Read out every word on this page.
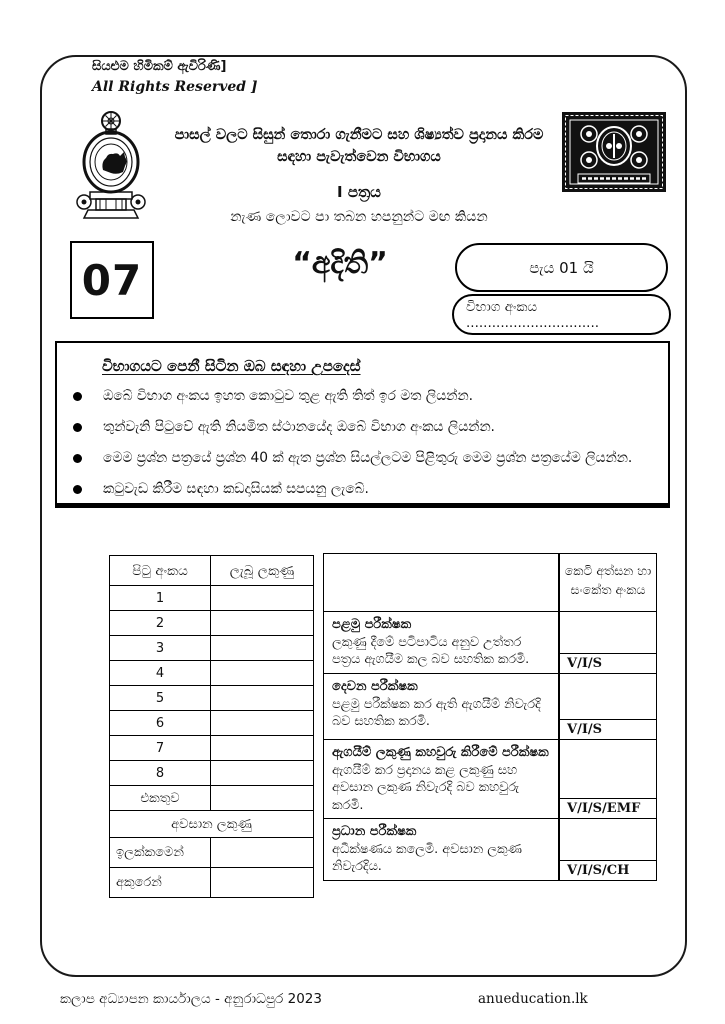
සියළුම හිමිකම් ඇවිරිණි]
All Rights Reserved ]
පාසල් වලට සිසුන් තොරා ගැනීමට සහ ශිෂ්‍යත්ව ප්‍රදානය කිරම
සඳහා පැවැත්වෙන විභාගය
I පත්‍රය
නැණ ලොවට පා තබන හපනුන්ට මඟ කියන
07	“අදිති”	පැය 01 යි
විභාග අංකය ...............................
විභාගයට පෙනී සිටින ඔබ සඳහා උපදෙස්
ඔබේ විභාග අංකය ඉහත කොටුව තුළ ඇති තිත් ඉර මත ලියන්න.
තුන්වැනි පිටුවේ ඇති නියමිත ස්ථානයේද ඔබේ විභාග අංකය ලියන්න.
මෙම ප්‍රශ්න පත්‍රයේ ප්‍රශ්න 40 ක් ඇත ප්‍රශ්න සියල්ලටම පිළිතුරු මෙම ප්‍රශ්න පත්‍රයේම ලියන්න.
කටුවැඩ කිරීම සඳහා කඩදාසියක් සපයනු ලැබේ.
පිටු අංකය	ලැබූ ලකුණු
1	
2	
3	
4	
5	
6	
7	
8	
එකතුව	
අවසාන ලකුණු	
ඉලක්කමෙන්	
අකුරෙන්	

	කෙටි අත්සන හා
සංකේත අංකය

පළමු පරීක්ෂක
ලකුණු දීමේ පටිපාටිය අනුව උත්තර පත්‍රය ඇගයීම කල බව සහතික කරමි.	V/I/S

දෙවන පරීක්ෂක
පළමු පරීක්ෂක කර ඇති ඇගයීම් නිවැරදි බව සහතික කරමි.	V/I/S

ඇගයීම් ලකුණු කහවුරු කිරීමේ පරීක්ෂක
ඇගයීම් කර ප්‍රදානය කළ ලකුණු සහ අවසාන ලකුණ නිවැරදි බව කහවුරු කරමි.	V/I/S/EMF

ප්‍රධාන පරීක්ෂක
අධීක්ෂණය කලෙමි. අවසාන ලකුණ නිවැරදිය.	V/I/S/CH
කලාප අධ්‍යාපන කාර්යාලය - අනුරාධපුර 2023	anueducation.lk
